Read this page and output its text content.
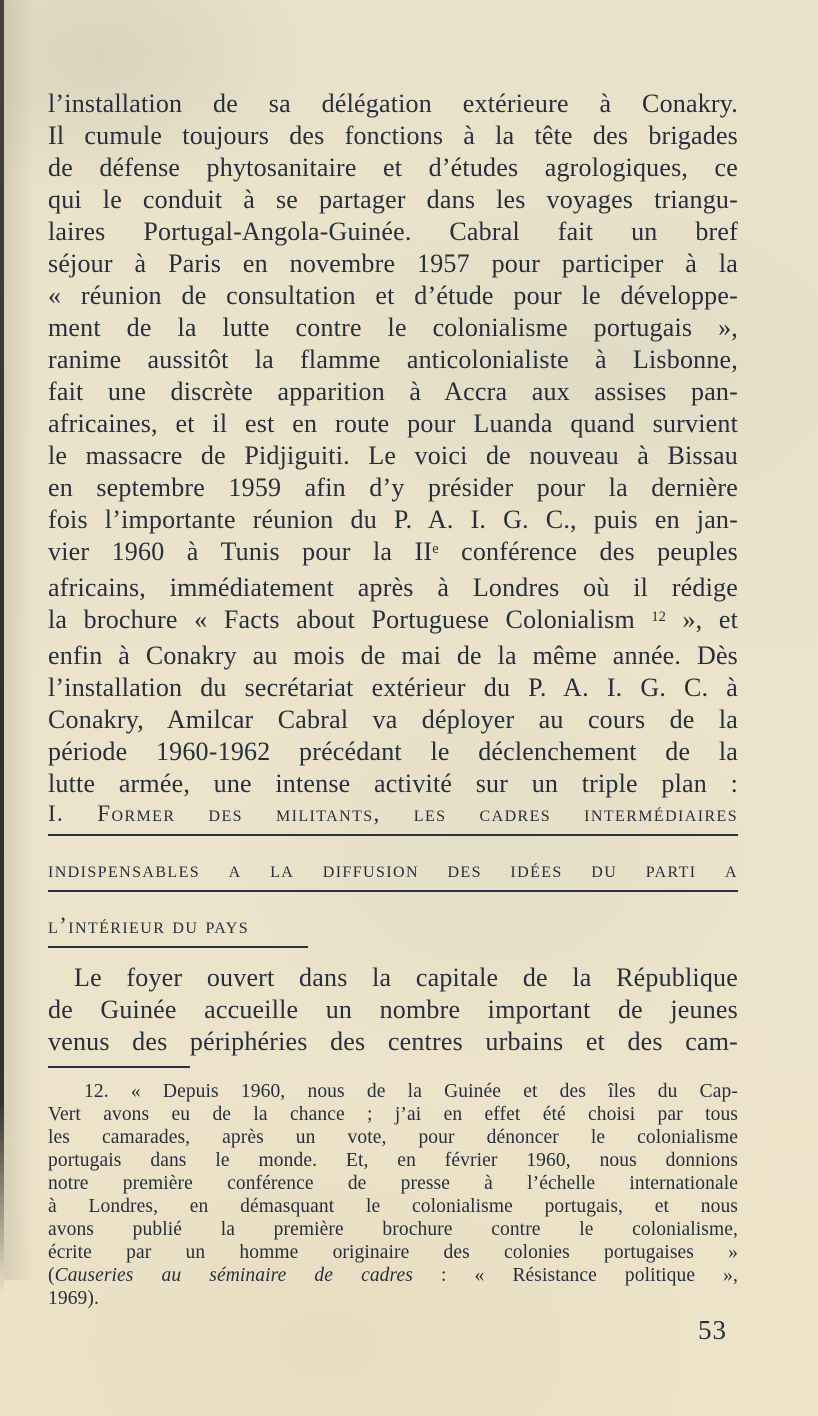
l’installation de sa délégation extérieure à Conakry.
Il cumule toujours des fonctions à la tête des brigades
de défense phytosanitaire et d’études agrologiques, ce
qui le conduit à se partager dans les voyages triangu-
laires Portugal-Angola-Guinée. Cabral fait un bref
séjour à Paris en novembre 1957 pour participer à la
« réunion de consultation et d’étude pour le développe-
ment de la lutte contre le colonialisme portugais »,
ranime aussitôt la flamme anticolonialiste à Lisbonne,
fait une discrète apparition à Accra aux assises pan-
africaines, et il est en route pour Luanda quand survient
le massacre de Pidjiguiti. Le voici de nouveau à Bissau
en septembre 1959 afin d’y présider pour la dernière
fois l’importante réunion du P. A. I. G. C., puis en jan-
vier 1960 à Tunis pour la IIe conférence des peuples
africains, immédiatement après à Londres où il rédige
la brochure « Facts about Portuguese Colonialism $^{12}$ », et
enfin à Conakry au mois de mai de la même année. Dès
l’installation du secrétariat extérieur du P. A. I. G. C. à
Conakry, Amilcar Cabral va déployer au cours de la
période 1960-1962 précédant le déclenchement de la
lutte armée, une intense activité sur un triple plan :
I. Former des militants, les cadres intermédiaires
indispensables a la diffusion des idées du parti a
l’intérieur du pays
Le foyer ouvert dans la capitale de la République
de Guinée accueille un nombre important de jeunes
venus des périphéries des centres urbains et des cam-
12. « Depuis 1960, nous de la Guinée et des îles du Cap-
Vert avons eu de la chance ; j’ai en effet été choisi par tous
les camarades, après un vote, pour dénoncer le colonialisme
portugais dans le monde. Et, en février 1960, nous donnions
notre première conférence de presse à l’échelle internationale
à Londres, en démasquant le colonialisme portugais, et nous
avons publié la première brochure contre le colonialisme,
écrite par un homme originaire des colonies portugaises »
(Causeries au séminaire de cadres : « Résistance politique »,
1969).
53
